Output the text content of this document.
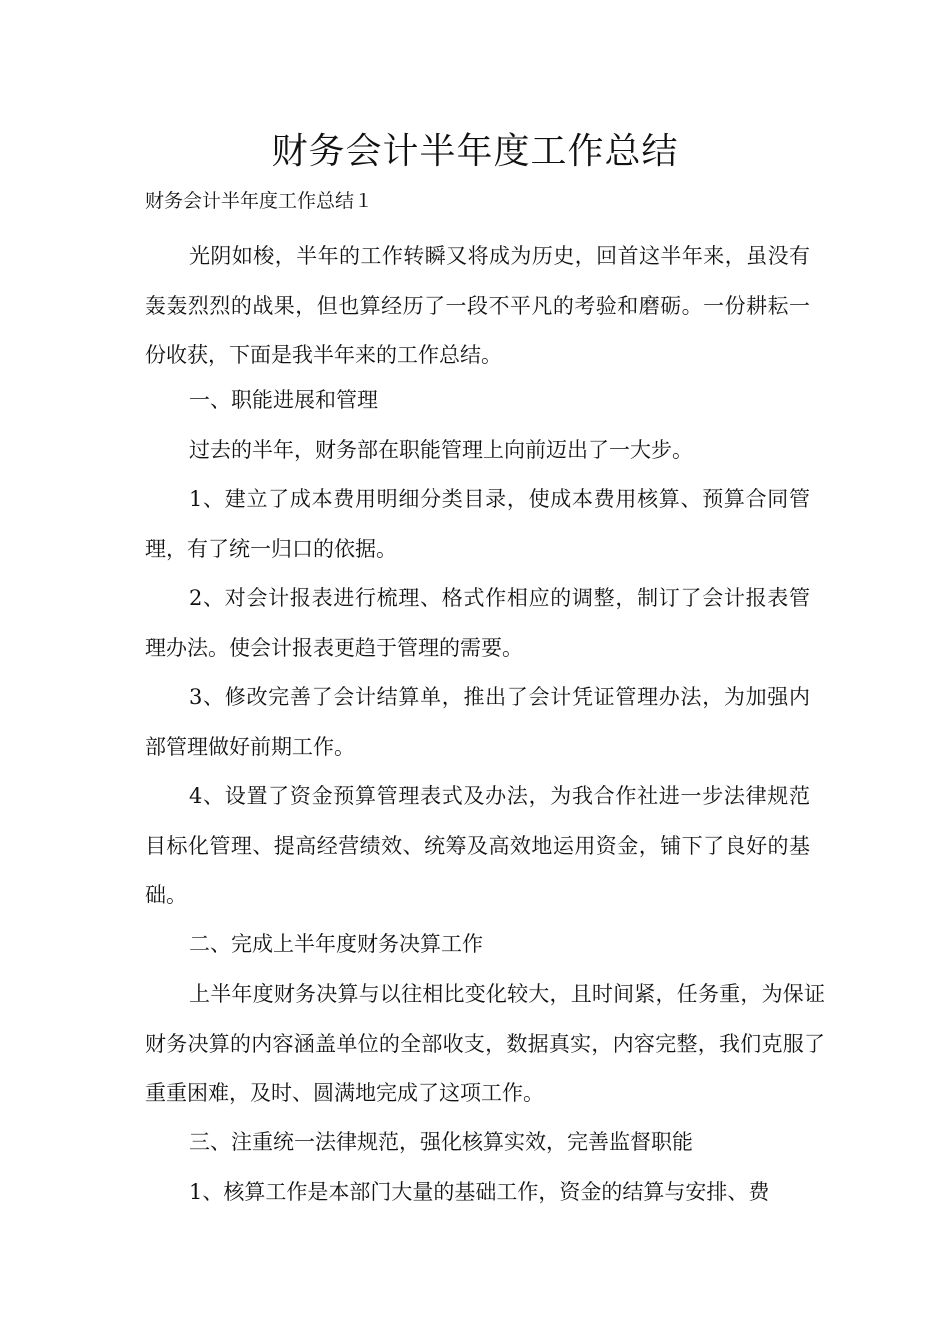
财务会计半年度工作总结

财务会计半年度工作总结１

光阴如梭，半年的工作转瞬又将成为历史，回首这半年来，虽没有轰轰烈烈的战果，但也算经历了一段不平凡的考验和磨砺。一份耕耘一份收获，下面是我半年来的工作总结。

一、职能进展和管理

过去的半年，财务部在职能管理上向前迈出了一大步。

1、建立了成本费用明细分类目录，使成本费用核算、预算合同管理，有了统一归口的依据。

2、对会计报表进行梳理、格式作相应的调整，制订了会计报表管理办法。使会计报表更趋于管理的需要。

3、修改完善了会计结算单，推出了会计凭证管理办法，为加强内部管理做好前期工作。

4、设置了资金预算管理表式及办法，为我合作社进一步法律规范目标化管理、提高经营绩效、统筹及高效地运用资金，铺下了良好的基础。

二、完成上半年度财务决算工作

上半年度财务决算与以往相比变化较大，且时间紧，任务重，为保证财务决算的内容涵盖单位的全部收支，数据真实，内容完整，我们克服了重重困难，及时、圆满地完成了这项工作。

三、注重统一法律规范，强化核算实效，完善监督职能

1、核算工作是本部门大量的基础工作，资金的结算与安排、费
